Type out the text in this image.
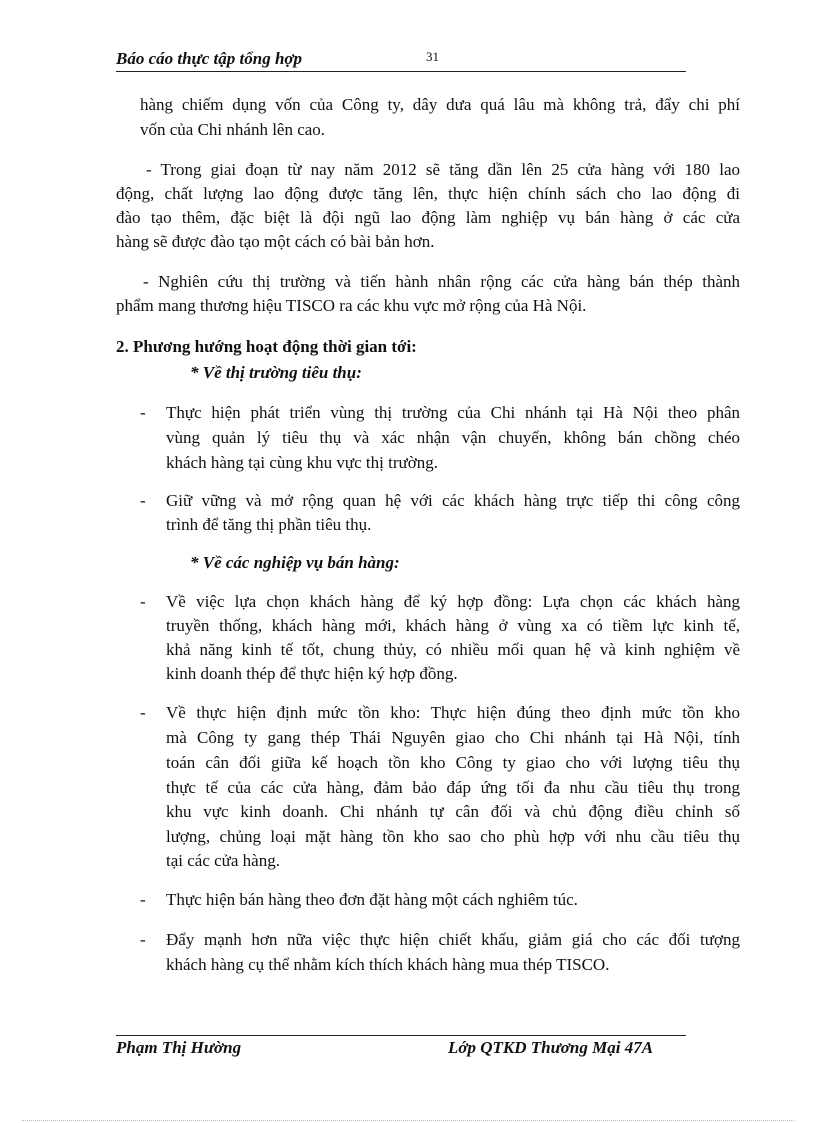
Báo cáo thực tập tổng hợp	31
hàng chiếm dụng vốn của Công ty, dây dưa quá lâu mà không trả, đẩy chi phí
vốn của Chi nhánh lên cao.
- Trong giai đoạn từ nay năm 2012 sẽ tăng dần lên 25 cửa hàng với 180 lao
động, chất lượng lao động được tăng lên, thực hiện chính sách cho lao động đi
đào tạo thêm, đặc biệt là đội ngũ lao động làm nghiệp vụ bán hàng ở các cửa
hàng sẽ được đào tạo một cách có bài bản hơn.
- Nghiên cứu thị trường và tiến hành nhân rộng các cửa hàng bán thép thành
phẩm mang thương hiệu TISCO ra các khu vực mở rộng của Hà Nội.
2. Phương hướng hoạt động thời gian tới:
* Về thị trường tiêu thụ:
- Thực hiện phát triển vùng thị trường của Chi nhánh tại Hà Nội theo phân
vùng quản lý tiêu thụ và xác nhận vận chuyển, không bán chồng chéo
khách hàng tại cùng khu vực thị trường.
- Giữ vững và mở rộng quan hệ với các khách hàng trực tiếp thi công công
trình để tăng thị phần tiêu thụ.
* Về các nghiệp vụ bán hàng:
- Về việc lựa chọn khách hàng để ký hợp đồng: Lựa chọn các khách hàng
truyền thống, khách hàng mới, khách hàng ở vùng xa có tiềm lực kinh tế,
khả năng kinh tế tốt, chung thủy, có nhiều mối quan hệ và kinh nghiệm về
kinh doanh thép để thực hiện ký hợp đồng.
- Về thực hiện định mức tồn kho: Thực hiện đúng theo định mức tồn kho
mà Công ty gang thép Thái Nguyên giao cho Chi nhánh tại Hà Nội, tính
toán cân đối giữa kế hoạch tồn kho Công ty giao cho với lượng tiêu thụ
thực tế của các cửa hàng, đảm bảo đáp ứng tối đa nhu cầu tiêu thụ trong
khu vực kinh doanh. Chi nhánh tự cân đối và chủ động điều chỉnh số
lượng, chủng loại mặt hàng tồn kho sao cho phù hợp với nhu cầu tiêu thụ
tại các cửa hàng.
- Thực hiện bán hàng theo đơn đặt hàng một cách nghiêm túc.
- Đẩy mạnh hơn nữa việc thực hiện chiết khấu, giảm giá cho các đối tượng
khách hàng cụ thể nhằm kích thích khách hàng mua thép TISCO.
Phạm Thị Hường	Lớp QTKD Thương Mại 47A
